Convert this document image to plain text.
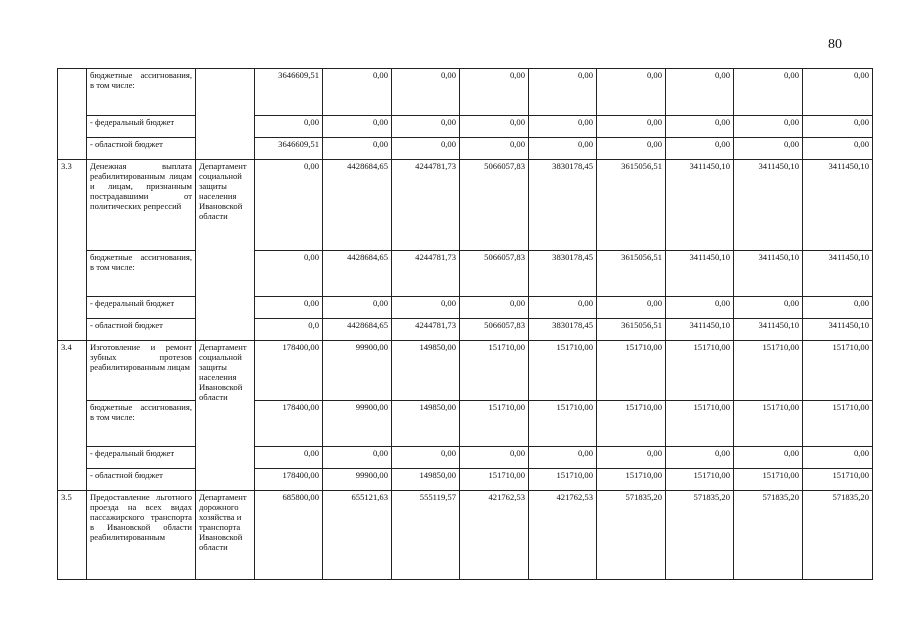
80
	бюджетные ассигнования, в том числе:		3646609,51	0,00	0,00	0,00	0,00	0,00	0,00	0,00	0,00
	- федеральный бюджет		0,00	0,00	0,00	0,00	0,00	0,00	0,00	0,00	0,00
	- областной бюджет		3646609,51	0,00	0,00	0,00	0,00	0,00	0,00	0,00	0,00
3.3	Денежная выплата реабилитированным лицам и лицам, признанным пострадавшими от политических репрессий	Департамент социальной защиты населения Ивановской области	0,00	4428684,65	4244781,73	5066057,83	3830178,45	3615056,51	3411450,10	3411450,10	3411450,10
	бюджетные ассигнования, в том числе:		0,00	4428684,65	4244781,73	5066057,83	3830178,45	3615056,51	3411450,10	3411450,10	3411450,10
	- федеральный бюджет		0,00	0,00	0,00	0,00	0,00	0,00	0,00	0,00	0,00
	- областной бюджет		0,0	4428684,65	4244781,73	5066057,83	3830178,45	3615056,51	3411450,10	3411450,10	3411450,10
3.4	Изготовление и ремонт зубных протезов реабилитированным лицам	Департамент социальной защиты населения Ивановской области	178400,00	99900,00	149850,00	151710,00	151710,00	151710,00	151710,00	151710,00	151710,00
	бюджетные ассигнования, в том числе:		178400,00	99900,00	149850,00	151710,00	151710,00	151710,00	151710,00	151710,00	151710,00
	- федеральный бюджет		0,00	0,00	0,00	0,00	0,00	0,00	0,00	0,00	0,00
	- областной бюджет		178400,00	99900,00	149850,00	151710,00	151710,00	151710,00	151710,00	151710,00	151710,00
3.5	Предоставление льготного проезда на всех видах пассажирского транспорта в Ивановской области реабилитированным	Департамент дорожного хозяйства и транспорта Ивановской области	685800,00	655121,63	555119,57	421762,53	421762,53	571835,20	571835,20	571835,20	571835,20
